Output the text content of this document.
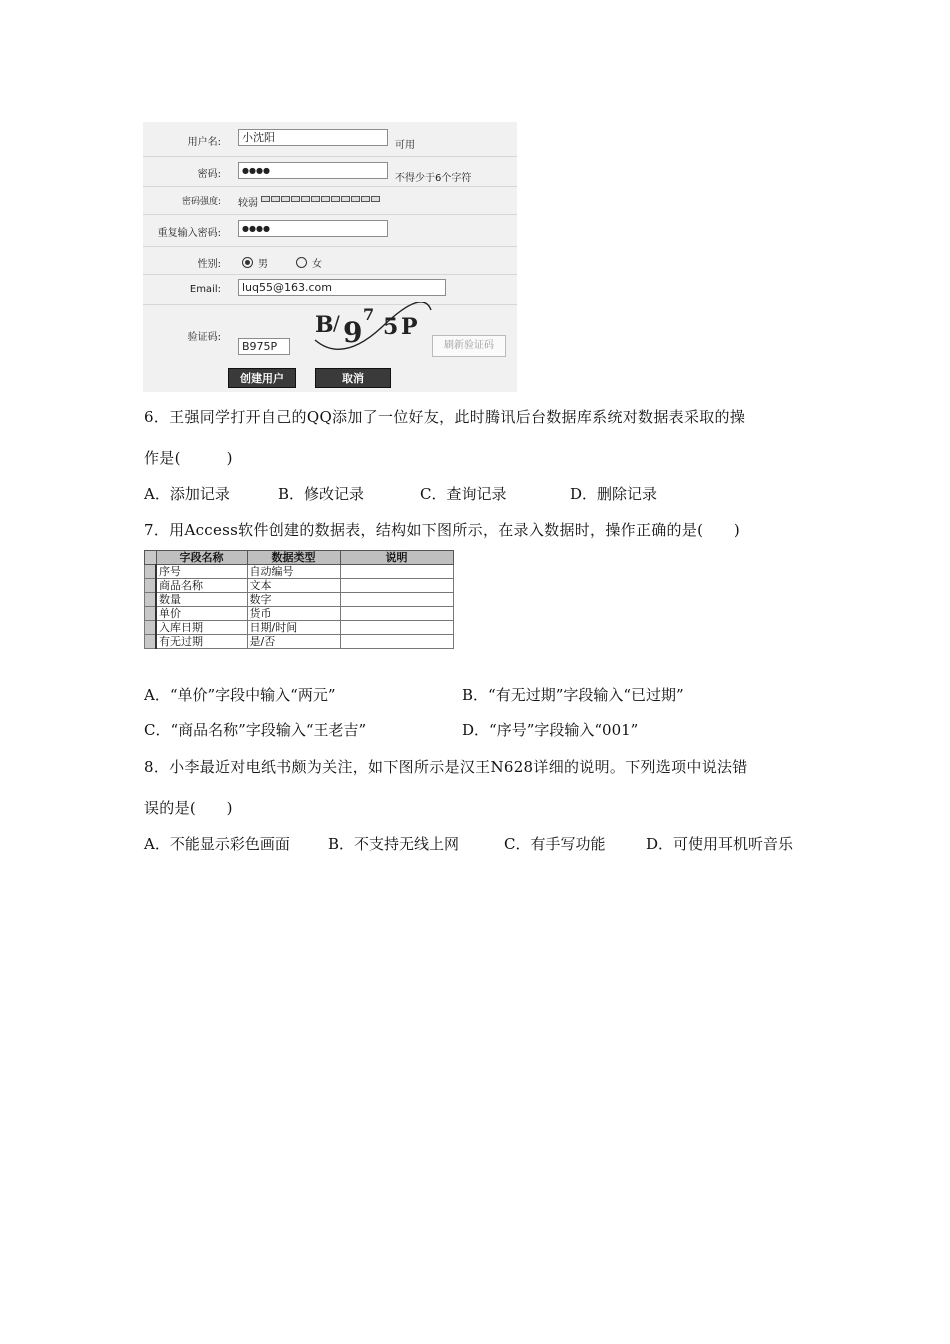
用户名:	小沈阳
可用
密码:	●●●●
不得少于6个字符
密码强度: 较弱
重复输入密码:	●●●●
性别:	男	女
Email:	luq55@163.com
验证码:
B975P
B / 9
7 5 P
刷新验证码
创建用户	取消
6．王强同学打开自己的QQ添加了一位好友，此时腾讯后台数据库系统对数据表采取的操
作是(　　　)
A．添加记录	B．修改记录	C．查询记录	D．删除记录
7．用Access软件创建的数据表，结构如下图所示，在录入数据时，操作正确的是(　　)
	字段名称	数据类型	说明
	序号	自动编号	
	商品名称	文本	
	数量	数字	
	单价	货币	
	入库日期	日期/时间	
	有无过期	是/否	
A．“单价”字段中输入“两元”	B．“有无过期”字段输入“已过期”
C．“商品名称”字段输入“王老吉”	D．“序号”字段输入“001”
8．小李最近对电纸书颇为关注，如下图所示是汉王N628详细的说明。下列选项中说法错
误的是(　　)
A．不能显示彩色画面	B．不支持无线上网	C．有手写功能	D．可使用耳机听音乐
